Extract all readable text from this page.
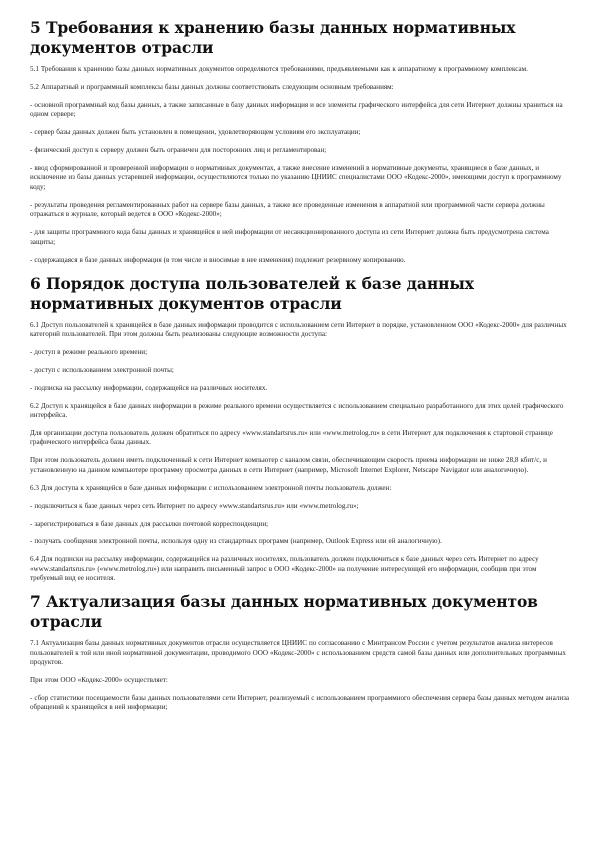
5 Требования к хранению базы данных нормативных документов отрасли

5.1 Требования к хранению базы данных нормативных документов определяются требованиями, предъявляемыми как к аппаратному к программному комплексам.

5.2 Аппаратный и программный комплексы базы данных должны соответствовать следующим основным требованиям:

- основной программный код базы данных, а также записанные в базу данных информация и все элементы графического интерфейса для сети Интернет должны храниться на одном сервере;

- сервер базы данных должен быть установлен в помещении, удовлетворяющем условиям его эксплуатации;

- физический доступ к серверу должен быть ограничен для посторонних лиц и регламентирован;

- ввод сформированной и проверенной информации о нормативных документах, а также внесение изменений в нормативные документы, хранящиеся в базе данных, и исключение из базы данных устаревшей информации, осуществляются только по указанию ЦНИИС специалистами ООО «Кодекс-2000», имеющими доступ к программному коду;

- результаты проведения регламентированных работ на сервере базы данных, а также все проведенные изменения в аппаратной или программной части сервера должны отражаться в журнале, который ведется в ООО «Кодекс-2000»;

- для защиты программного кода базы данных и хранящейся в ней информации от несанкционированного доступа из сети Интернет должна быть предусмотрена система защиты;

- содержащаяся в базе данных информация (в том числе и вносимые в нее изменения) подлежит резервному копированию.

6 Порядок доступа пользователей к базе данных нормативных документов отрасли

6.1 Доступ пользователей к хранящейся в базе данных информации проводится с использованием сети Интернет в порядке, установленном ООО «Кодекс-2000» для различных категорий пользователей. При этом должны быть реализованы следующие возможности доступа:

- доступ в режиме реального времени;

- доступ с использованием электронной почты;

- подписка на рассылку информации, содержащейся на различных носителях.

6.2 Доступ к хранящейся в базе данных информации в режиме реального времени осуществляется с использованием специально разработанного для этих целей графического интерфейса.

Для организации доступа пользователь должен обратиться по адресу «www.standartsrus.ru» или «www.metrolog.ru» в сети Интернет для подключения к стартовой странице графического интерфейса базы данных.

При этом пользователь должен иметь подключенный к сети Интернет компьютер с каналом связи, обеспечивающим скорость приема информации не ниже 28,8 кбит/с, и установленную на данном компьютере программу просмотра данных в сети Интернет (например, Microsoft Internet Explorer, Netscape Navigator или аналогичную).

6.3 Для доступа к хранящейся в базе данных информации с использованием электронной почты пользователь должен:

- подключиться к базе данных через сеть Интернет по адресу «www.standartsrus.ru» или «www.metrolog.ru»;

- зарегистрироваться в базе данных для рассылки почтовой корреспонденции;

- получать сообщения электронной почты, используя одну из стандартных программ (например, Outlook Express или ей аналогичную).

6.4 Для подписки на рассылку информации, содержащейся на различных носителях, пользователь должен подключиться к базе данных через сеть Интернет по адресу «www.standartsrus.ru» («www.metrolog.ru») или направить письменный запрос в ООО «Кодекс-2000» на получение интересующей его информации, сообщив при этом требуемый вид ее носителя.

7 Актуализация базы данных нормативных документов отрасли

7.1 Актуализация базы данных нормативных документов отрасли осуществляется ЦНИИС по согласованию с Минтрансом России с учетом результатов анализа интересов пользователей к той или иной нормативной документации, проводимого ООО «Кодекс-2000» с использованием средств самой базы данных или дополнительных программных продуктов.

При этом ООО «Кодекс-2000» осуществляет:

- сбор статистики посещаемости базы данных пользователями сети Интернет, реализуемый с использованием программного обеспечения сервера базы данных методом анализа обращений к хранящейся в ней информации;
